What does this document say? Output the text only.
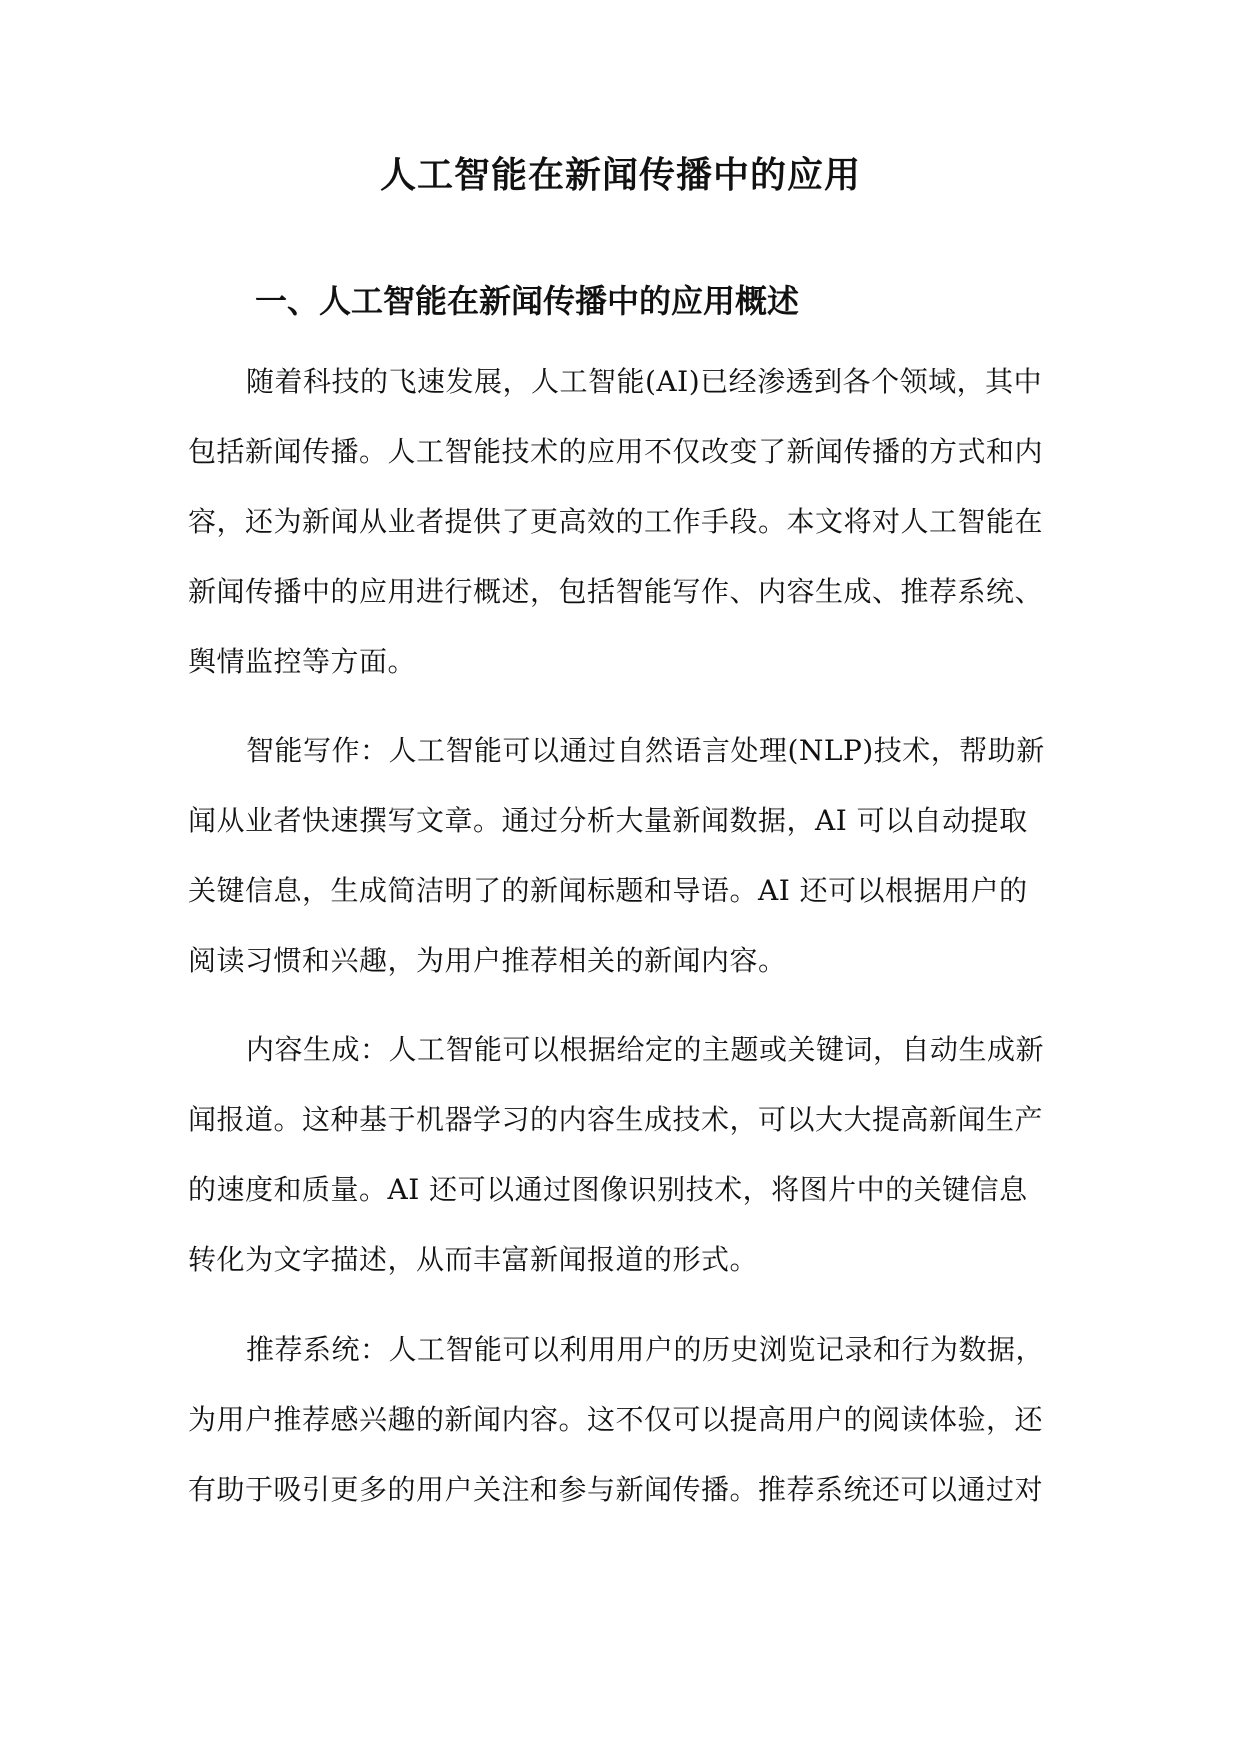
人工智能在新闻传播中的应用
一、人工智能在新闻传播中的应用概述
随着科技的飞速发展，人工智能(AI)已经渗透到各个领域，其中
包括新闻传播。人工智能技术的应用不仅改变了新闻传播的方式和内
容，还为新闻从业者提供了更高效的工作手段。本文将对人工智能在
新闻传播中的应用进行概述，包括智能写作、内容生成、推荐系统、
舆情监控等方面。
智能写作：人工智能可以通过自然语言处理(NLP)技术，帮助新
闻从业者快速撰写文章。通过分析大量新闻数据，AI 可以自动提取
关键信息，生成简洁明了的新闻标题和导语。AI 还可以根据用户的
阅读习惯和兴趣，为用户推荐相关的新闻内容。
内容生成：人工智能可以根据给定的主题或关键词，自动生成新
闻报道。这种基于机器学习的内容生成技术，可以大大提高新闻生产
的速度和质量。AI 还可以通过图像识别技术，将图片中的关键信息
转化为文字描述，从而丰富新闻报道的形式。
推荐系统：人工智能可以利用用户的历史浏览记录和行为数据，
为用户推荐感兴趣的新闻内容。这不仅可以提高用户的阅读体验，还
有助于吸引更多的用户关注和参与新闻传播。推荐系统还可以通过对
